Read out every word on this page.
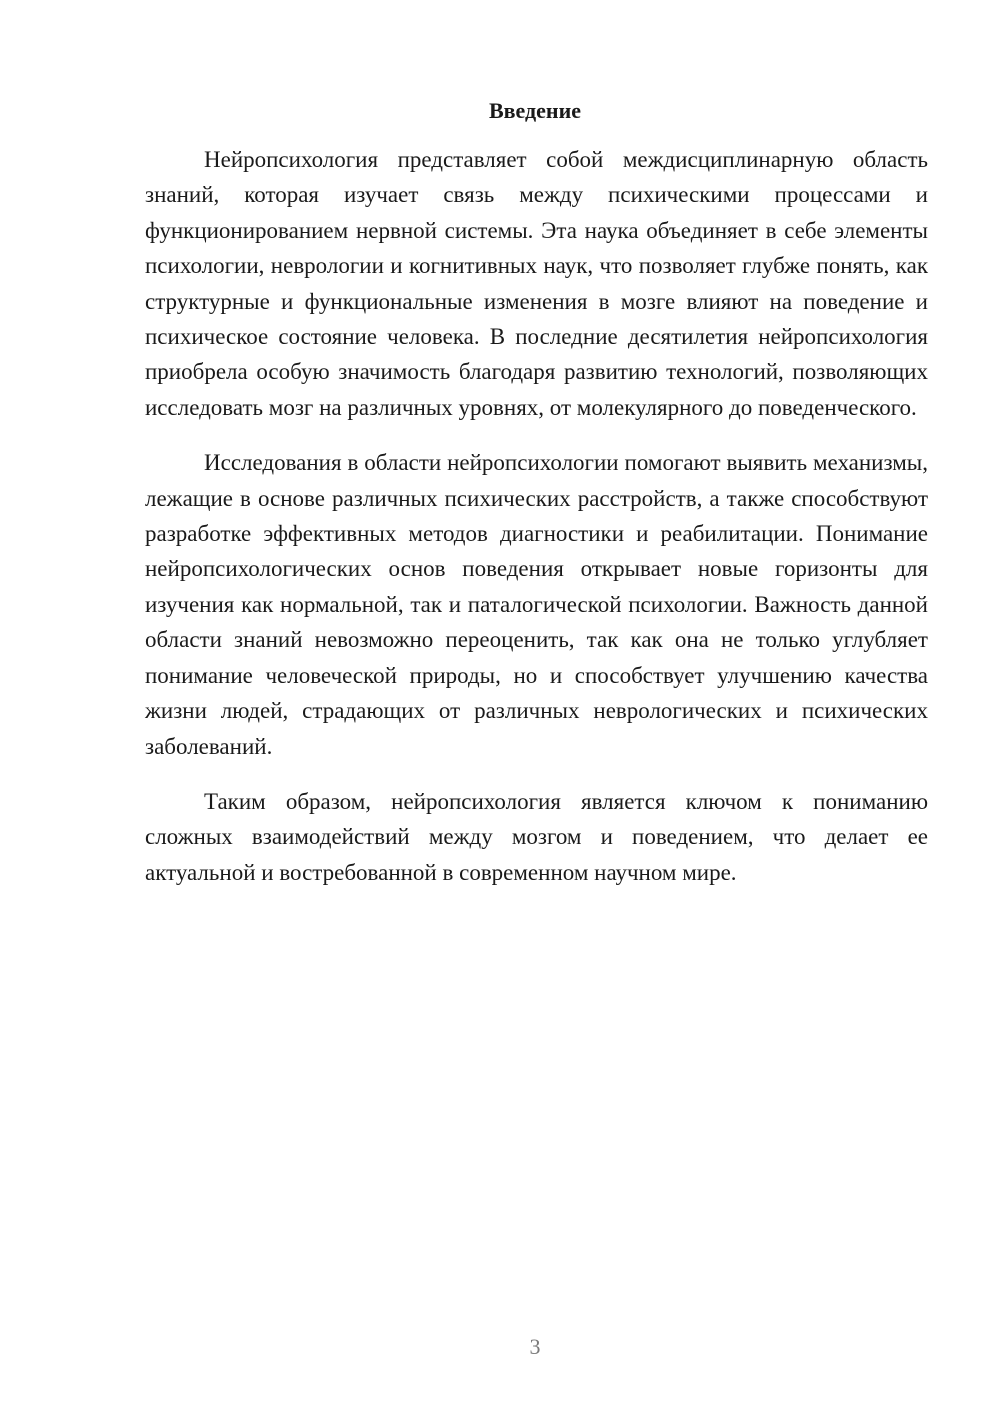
Введение

Нейропсихология представляет собой междисциплинарную область знаний, которая изучает связь между психическими процессами и функционированием нервной системы. Эта наука объединяет в себе элементы психологии, неврологии и когнитивных наук, что позволяет глубже понять, как структурные и функциональные изменения в мозге влияют на поведение и психическое состояние человека. В последние десятилетия нейропсихология приобрела особую значимость благодаря развитию технологий, позволяющих исследовать мозг на различных уровнях, от молекулярного до поведенческого.

Исследования в области нейропсихологии помогают выявить механизмы, лежащие в основе различных психических расстройств, а также способствуют разработке эффективных методов диагностики и реабилитации. Понимание нейропсихологических основ поведения открывает новые горизонты для изучения как нормальной, так и паталогической психологии. Важность данной области знаний невозможно переоценить, так как она не только углубляет понимание человеческой природы, но и способствует улучшению качества жизни людей, страдающих от различных неврологических и психических заболеваний.

Таким образом, нейропсихология является ключом к пониманию сложных взаимодействий между мозгом и поведением, что делает ее актуальной и востребованной в современном научном мире.

3
